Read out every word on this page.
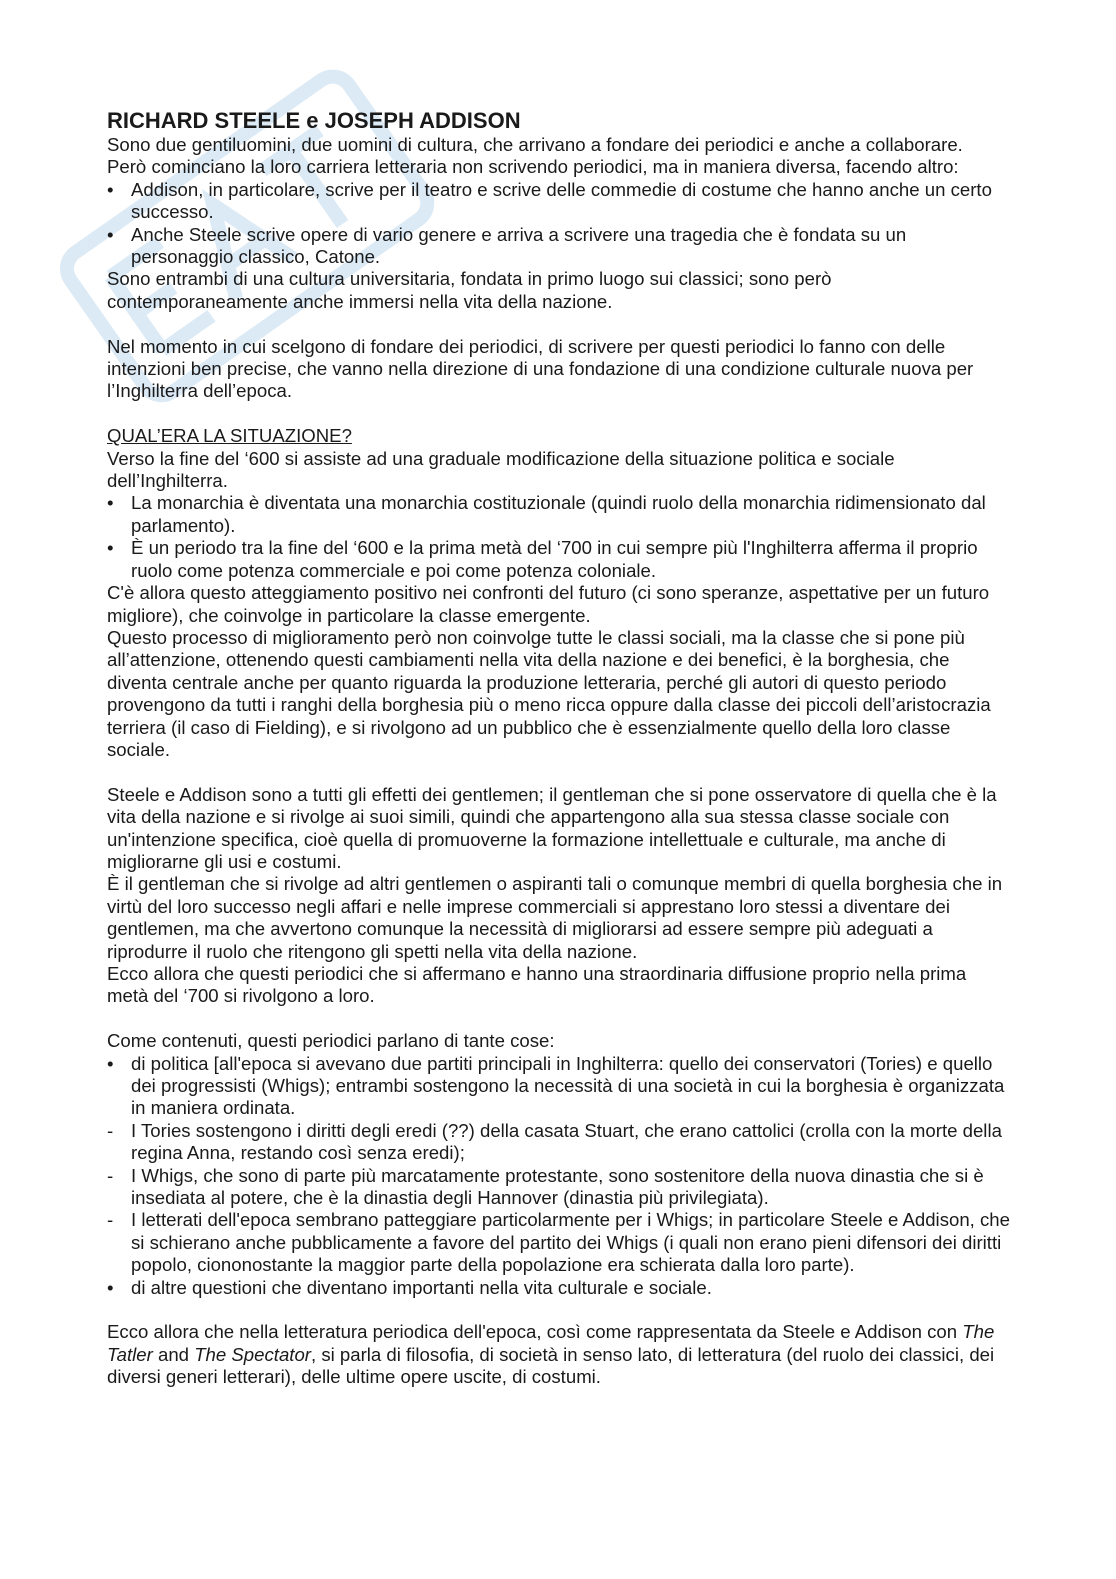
RICHARD STEELE e JOSEPH ADDISON

Sono due gentiluomini, due uomini di cultura, che arrivano a fondare dei periodici e anche a collaborare.

Però cominciano la loro carriera letteraria non scrivendo periodici, ma in maniera diversa, facendo altro:

• Addison, in particolare, scrive per il teatro e scrive delle commedie di costume che hanno anche un certo successo.
• Anche Steele scrive opere di vario genere e arriva a scrivere una tragedia che è fondata su un personaggio classico, Catone.

Sono entrambi di una cultura universitaria, fondata in primo luogo sui classici; sono però contemporaneamente anche immersi nella vita della nazione.

Nel momento in cui scelgono di fondare dei periodici, di scrivere per questi periodici lo fanno con delle intenzioni ben precise, che vanno nella direzione di una fondazione di una condizione culturale nuova per l’Inghilterra dell’epoca.

QUAL’ERA LA SITUAZIONE?

Verso la fine del ‘600 si assiste ad una graduale modificazione della situazione politica e sociale dell’Inghilterra.

• La monarchia è diventata una monarchia costituzionale (quindi ruolo della monarchia ridimensionato dal parlamento).
• È un periodo tra la fine del ‘600 e la prima metà del ‘700 in cui sempre più l'Inghilterra afferma il proprio ruolo come potenza commerciale e poi come potenza coloniale.

C'è allora questo atteggiamento positivo nei confronti del futuro (ci sono speranze, aspettative per un futuro migliore), che coinvolge in particolare la classe emergente.

Questo processo di miglioramento però non coinvolge tutte le classi sociali, ma la classe che si pone più all’attenzione, ottenendo questi cambiamenti nella vita della nazione e dei benefici, è la borghesia, che diventa centrale anche per quanto riguarda la produzione letteraria, perché gli autori di questo periodo provengono da tutti i ranghi della borghesia più o meno ricca oppure dalla classe dei piccoli dell’aristocrazia terriera (il caso di Fielding), e si rivolgono ad un pubblico che è essenzialmente quello della loro classe sociale.

Steele e Addison sono a tutti gli effetti dei gentlemen; il gentleman che si pone osservatore di quella che è la vita della nazione e si rivolge ai suoi simili, quindi che appartengono alla sua stessa classe sociale con un'intenzione specifica, cioè quella di promuoverne la formazione intellettuale e culturale, ma anche di migliorarne gli usi e costumi.

È il gentleman che si rivolge ad altri gentlemen o aspiranti tali o comunque membri di quella borghesia che in virtù del loro successo negli affari e nelle imprese commerciali si apprestano loro stessi a diventare dei gentlemen, ma che avvertono comunque la necessità di migliorarsi ad essere sempre più adeguati a riprodurre il ruolo che ritengono gli spetti nella vita della nazione.

Ecco allora che questi periodici che si affermano e hanno una straordinaria diffusione proprio nella prima metà del ‘700 si rivolgono a loro.

Come contenuti, questi periodici parlano di tante cose:

• di politica [all'epoca si avevano due partiti principali in Inghilterra: quello dei conservatori (Tories) e quello dei progressisti (Whigs); entrambi sostengono la necessità di una società in cui la borghesia è organizzata in maniera ordinata.
- I Tories sostengono i diritti degli eredi (??) della casata Stuart, che erano cattolici (crolla con la morte della regina Anna, restando così senza eredi);
- I Whigs, che sono di parte più marcatamente protestante, sono sostenitore della nuova dinastia che si è insediata al potere, che è la dinastia degli Hannover (dinastia più privilegiata).
- I letterati dell'epoca sembrano patteggiare particolarmente per i Whigs; in particolare Steele e Addison, che si schierano anche pubblicamente a favore del partito dei Whigs (i quali non erano pieni difensori dei diritti popolo, ciononostante la maggior parte della popolazione era schierata dalla loro parte).
• di altre questioni che diventano importanti nella vita culturale e sociale.

Ecco allora che nella letteratura periodica dell'epoca, così come rappresentata da Steele e Addison con The Tatler and The Spectator, si parla di filosofia, di società in senso lato, di letteratura (del ruolo dei classici, dei diversi generi letterari), delle ultime opere uscite, di costumi.
